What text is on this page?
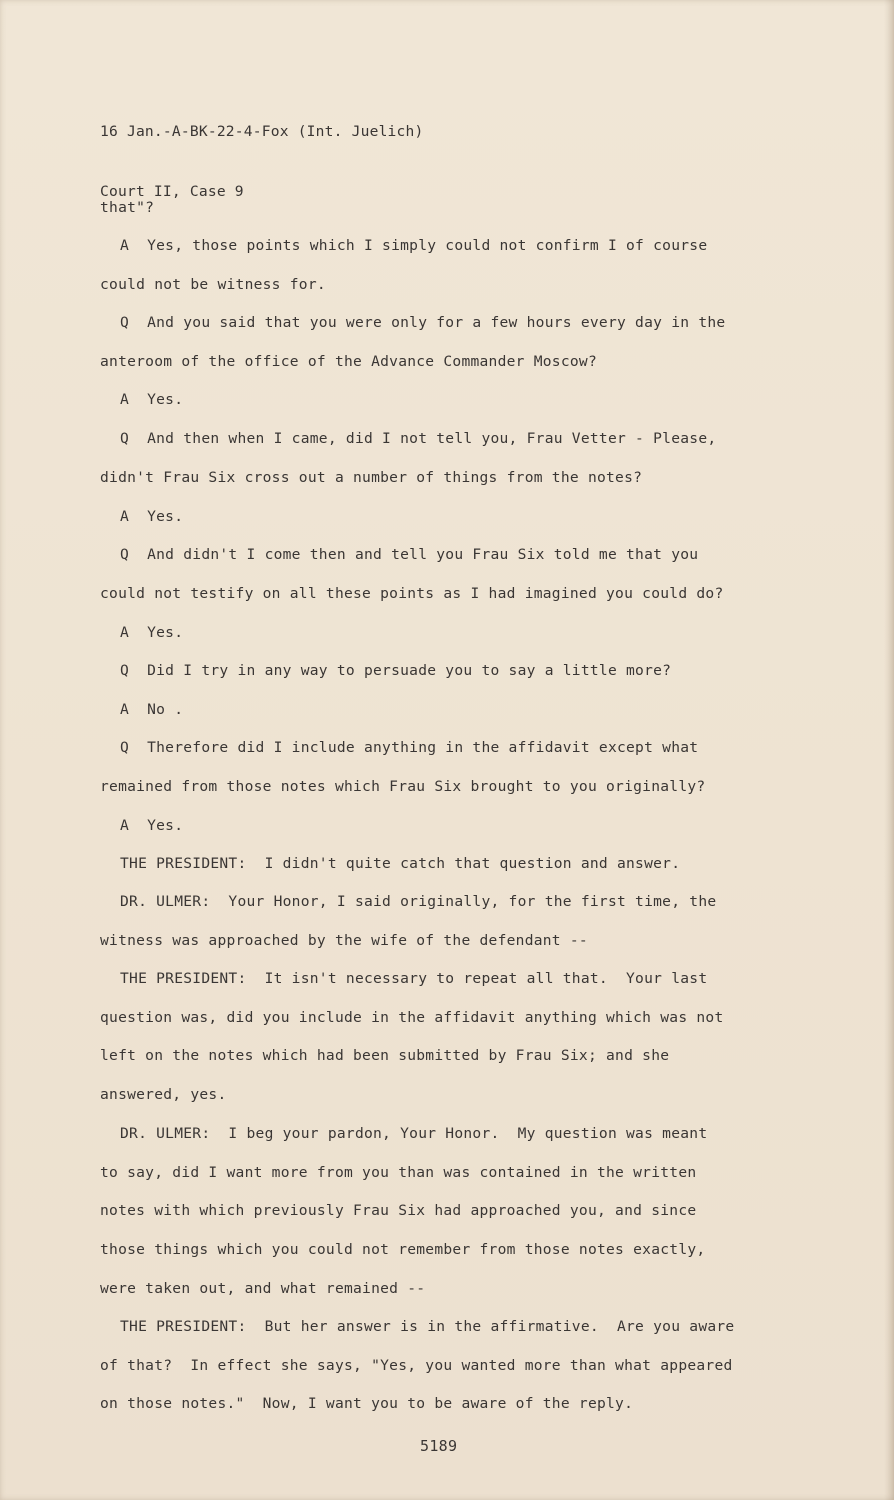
16 Jan.-A-BK-22-4-Fox (Int. Juelich)

Court II, Case 9

that"?
A  Yes, those points which I simply could not confirm I of course
could not be witness for.
Q  And you said that you were only for a few hours every day in the
anteroom of the office of the Advance Commander Moscow?
A  Yes.
Q  And then when I came, did I not tell you, Frau Vetter - Please,
didn't Frau Six cross out a number of things from the notes?
A  Yes.
Q  And didn't I come then and tell you Frau Six told me that you
could not testify on all these points as I had imagined you could do?
A  Yes.
Q  Did I try in any way to persuade you to say a little more?
A  No .
Q  Therefore did I include anything in the affidavit except what
remained from those notes which Frau Six brought to you originally?
A  Yes.
THE PRESIDENT:  I didn't quite catch that question and answer.
DR. ULMER:  Your Honor, I said originally, for the first time, the
witness was approached by the wife of the defendant --
THE PRESIDENT:  It isn't necessary to repeat all that.  Your last
question was, did you include in the affidavit anything which was not
left on the notes which had been submitted by Frau Six; and she
answered, yes.
DR. ULMER:  I beg your pardon, Your Honor.  My question was meant
to say, did I want more from you than was contained in the written
notes with which previously Frau Six had approached you, and since
those things which you could not remember from those notes exactly,
were taken out, and what remained --
THE PRESIDENT:  But her answer is in the affirmative.  Are you aware
of that?  In effect she says, "Yes, you wanted more than what appeared
on those notes."  Now, I want you to be aware of the reply.
5189
